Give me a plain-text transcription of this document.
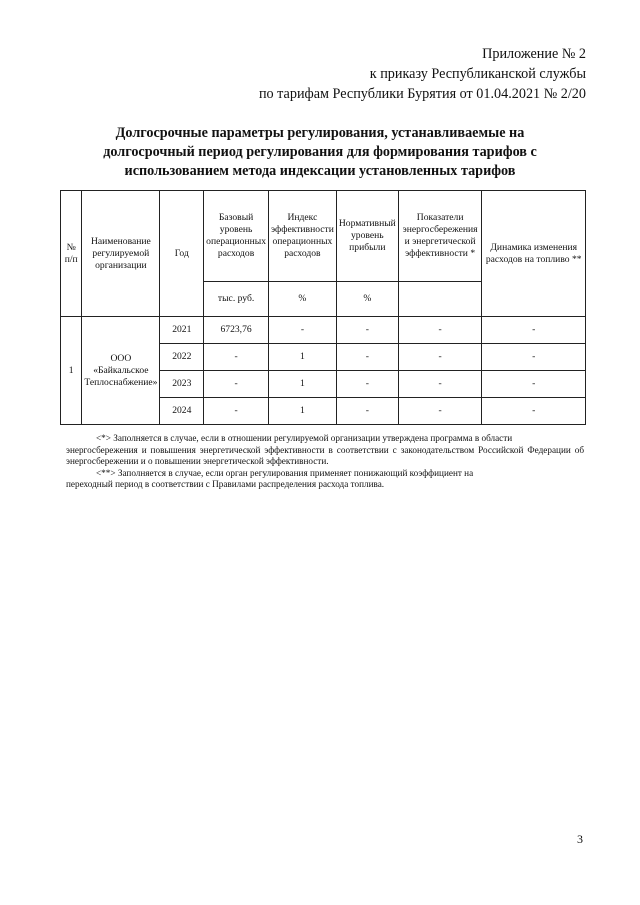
Приложение № 2
к приказу Республиканской службы
по тарифам Республики Бурятия от 01.04.2021 № 2/20
Долгосрочные параметры регулирования, устанавливаемые на
долгосрочный период регулирования для формирования тарифов с
использованием метода индексации установленных тарифов
№ п/п	Наименование регулируемой организации	Год	Базовый уровень операционных расходов	Индекс эффективности операционных расходов	Нормативный уровень прибыли	Показатели энергосбережения и энергетической эффективности *	Динамика изменения расходов на топливо **
			тыс. руб.	%	%		
1	ООО «Байкальское Теплоснабжение»	2021	6723,76	-	-	-	-
		2022	-	1	-	-	-
		2023	-	1	-	-	-
		2024	-	1	-	-	-

<*> Заполняется в случае, если в отношении регулируемой организации утверждена программа в области

энергосбережения и повышения энергетической эффективности в соответствии с законодательством Российской Федерации об энергосбережении и о повышении энергетической эффективности.

<**> Заполняется в случае, если орган регулирования применяет понижающий коэффициент на

переходный период в соответствии с Правилами распределения расхода топлива.

3
